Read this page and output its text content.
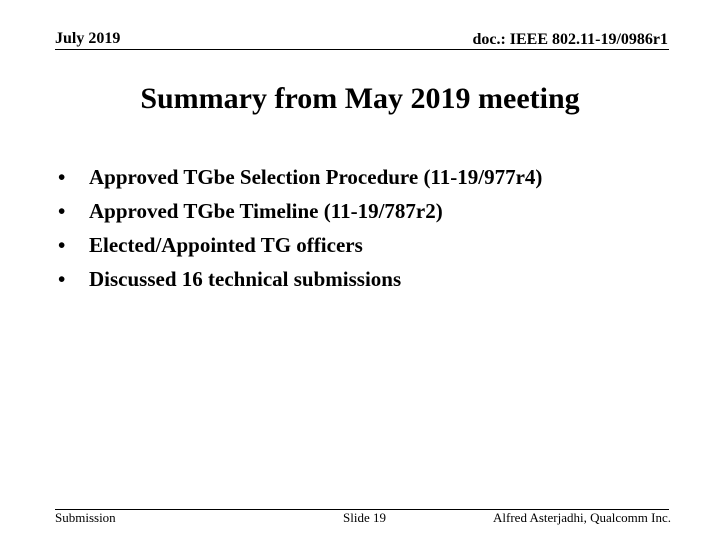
July 2019	doc.: IEEE 802.11-19/0986r1
Summary from May 2019 meeting
•	Approved TGbe Selection Procedure (11-19/977r4)
•	Approved TGbe Timeline (11-19/787r2)
•	Elected/Appointed TG officers
•	Discussed 16 technical submissions
Submission	Slide 19	Alfred Asterjadhi, Qualcomm Inc.
